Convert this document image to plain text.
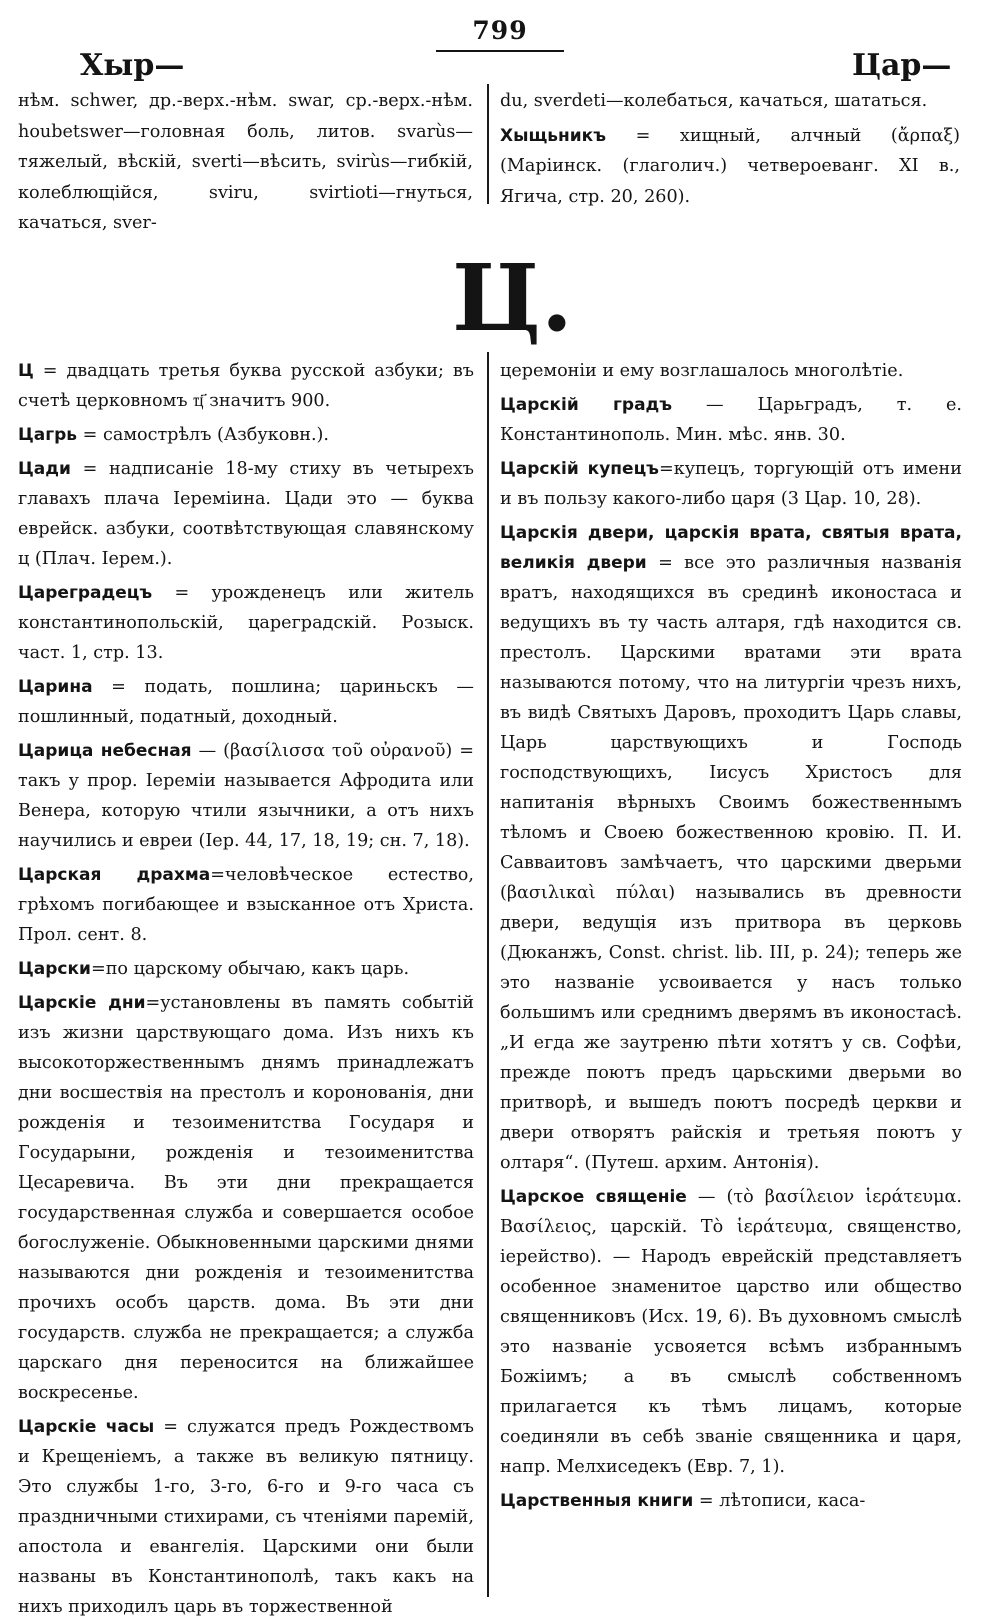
799
Хыр—	Цар—

нѣм. schwer, др.-верх.-нѣм. swar, ср.-верх.-нѣм. houbetswer—головная боль, литов. svarùs—тяжелый, вѣскій, sverti—вѣсить, svirùs—гибкій, колеблющійся, sviru, svirtioti—гнуться, качаться, sver-

du, sverdeti—колебаться, качаться, шататься.

Хыщьникъ = хищный, алчный (ἄρπαξ) (Маріинск. (глаголич.) четвероеванг. XI в., Ягича, стр. 20, 260).

Ц.

Ц = двадцать третья буква русской азбуки; въ счетѣ церковномъ ҵ҃ значитъ 900.

Цагрь = самострѣлъ (Азбуковн.).

Цади = надписаніе 18-му стиху въ четырехъ главахъ плача Іереміина. Цади это — буква еврейск. азбуки, соотвѣтствующая славянскому ц (Плач. Іерем.).

Цареградецъ = урожденецъ или житель константинопольскій, цареградскій. Розыск. част. 1, стр. 13.

Царина = подать, пошлина; цариньскъ — пошлинный, податный, доходный.

Царица небесная — (βασίλισσα τοῦ οὐρανοῦ) = такъ у прор. Іереміи называется Афродита или Венера, которую чтили язычники, а отъ нихъ научились и евреи (Іер. 44, 17, 18, 19; сн. 7, 18).

Царская драхма=человѣческое естество, грѣхомъ погибающее и взысканное отъ Христа. Прол. сент. 8.

Царски=по царскому обычаю, какъ царь.

Царскіе дни=установлены въ память событій изъ жизни царствующаго дома. Изъ нихъ къ высокоторжественнымъ днямъ принадлежатъ дни восшествія на престолъ и коронованія, дни рожденія и тезоименитства Государя и Государыни, рожденія и тезоименитства Цесаревича. Въ эти дни прекращается государственная служба и совершается особое богослуженіе. Обыкновенными царскими днями называются дни рожденія и тезоименитства прочихъ особъ царств. дома. Въ эти дни государств. служба не прекращается; а служба царскаго дня переносится на ближайшее воскресенье.

Царскіе часы = служатся предъ Рождествомъ и Крещеніемъ, а также въ великую пятницу. Это службы 1-го, 3-го, 6-го и 9-го часа съ праздничными стихирами, съ чтеніями паремій, апостола и евангелія. Царскими они были названы въ Константинополѣ, такъ какъ на нихъ приходилъ царь въ торжественной

церемоніи и ему возглашалось многолѣтіе.

Царскій градъ — Царьградъ, т. е. Константинополь. Мин. мѣс. янв. 30.

Царскій купецъ=купецъ, торгующій отъ имени и въ пользу какого-либо царя (3 Цар. 10, 28).

Царскія двери, царскія врата, святыя врата, великія двери = все это различныя названія вратъ, находящихся въ срединѣ иконостаса и ведущихъ въ ту часть алтаря, гдѣ находится св. престолъ. Царскими вратами эти врата называются потому, что на литургіи чрезъ нихъ, въ видѣ Святыхъ Даровъ, проходитъ Царь славы, Царь царствующихъ и Господь господствующихъ, Іисусъ Христосъ для напитанія вѣрныхъ Своимъ божественнымъ тѣломъ и Своею божественною кровію. П. И. Савваитовъ замѣчаетъ, что царскими дверьми (βασιλικαὶ πύλαι) назывались въ древности двери, ведущія изъ притвора въ церковь (Дюканжъ, Const. christ. lib. III, p. 24); теперь же это названіе усвоивается у насъ только большимъ или среднимъ дверямъ въ иконостасѣ. „И егда же заутреню пѣти хотятъ у св. Софѣи, прежде поютъ предъ царьскими дверьми во притворѣ, и вышедъ поютъ посредѣ церкви и двери отворятъ райскія и третьяя поютъ у олтаря“. (Путеш. архим. Антонія).

Царское священіе — (τὸ βασίλειον ἱεράτευμα. Βασίλειος, царскій. Τὸ ἱεράτευμα, священство, іерейство). — Народъ еврейскій представляетъ особенное знаменитое царство или общество священниковъ (Исх. 19, 6). Въ духовномъ смыслѣ это названіе усвояется всѣмъ избраннымъ Божіимъ; а въ смыслѣ собственномъ прилагается къ тѣмъ лицамъ, которые соединяли въ себѣ званіе священника и царя, напр. Мелхиседекъ (Евр. 7, 1).

Царственныя книги = лѣтописи, каса-
